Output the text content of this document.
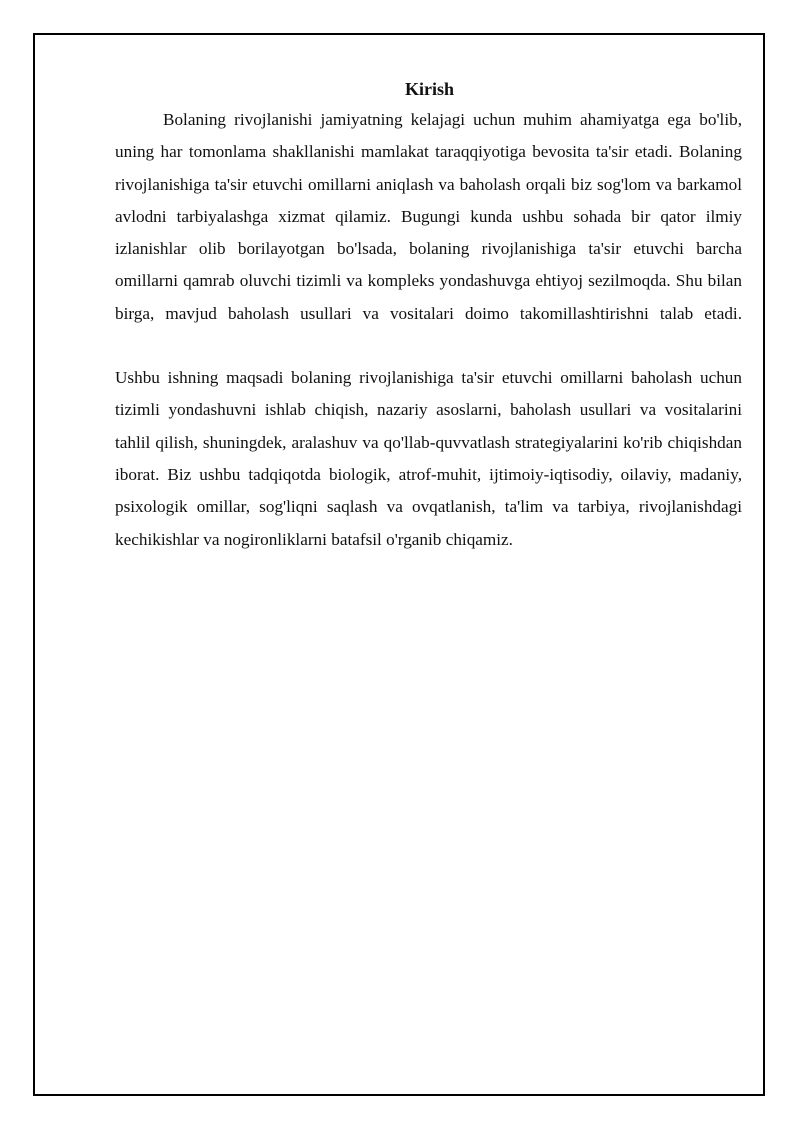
Kirish

Bolaning rivojlanishi jamiyatning kelajagi uchun muhim ahamiyatga ega bo'lib, uning har tomonlama shakllanishi mamlakat taraqqiyotiga bevosita ta'sir etadi. Bolaning rivojlanishiga ta'sir etuvchi omillarni aniqlash va baholash orqali biz sog'lom va barkamol avlodni tarbiyalashga xizmat qilamiz. Bugungi kunda ushbu sohada bir qator ilmiy izlanishlar olib borilayotgan bo'lsada, bolaning rivojlanishiga ta'sir etuvchi barcha omillarni qamrab oluvchi tizimli va kompleks yondashuvga ehtiyoj sezilmoqda. Shu bilan birga, mavjud baholash usullari va vositalari doimo takomillashtirishni talab etadi.

Ushbu ishning maqsadi bolaning rivojlanishiga ta'sir etuvchi omillarni baholash uchun tizimli yondashuvni ishlab chiqish, nazariy asoslarni, baholash usullari va vositalarini tahlil qilish, shuningdek, aralashuv va qo'llab-quvvatlash strategiyalarini ko'rib chiqishdan iborat. Biz ushbu tadqiqotda biologik, atrof-muhit, ijtimoiy-iqtisodiy, oilaviy, madaniy, psixologik omillar, sog'liqni saqlash va ovqatlanish, ta'lim va tarbiya, rivojlanishdagi kechikishlar va nogironliklarni batafsil o'rganib chiqamiz.
